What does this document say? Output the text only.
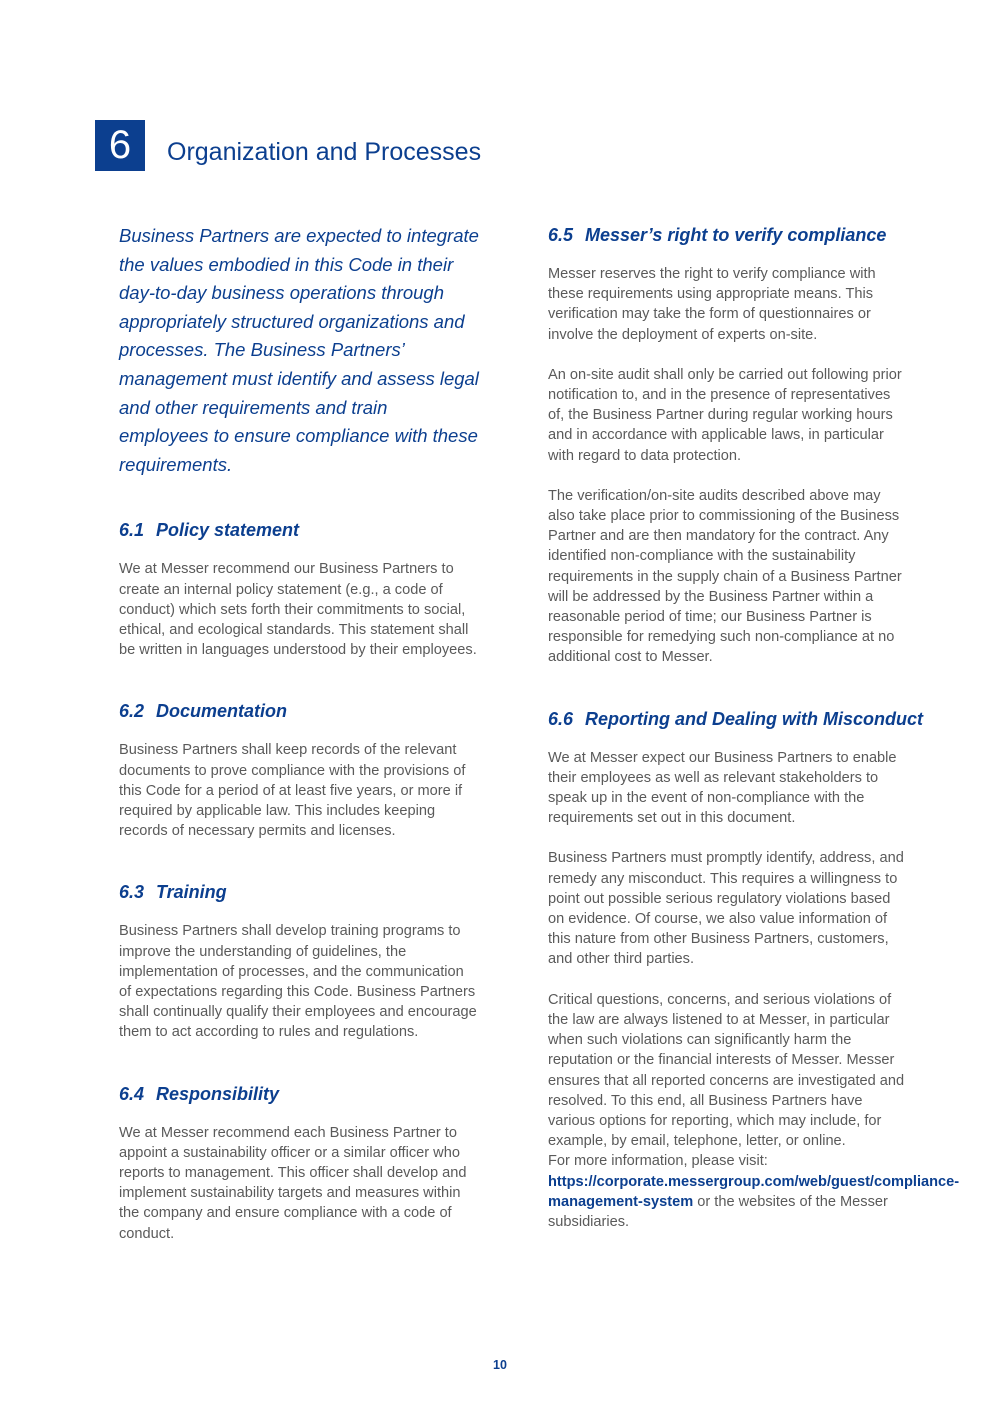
6	Organization and Processes

Business Partners are expected to integrate the values embodied in this Code in their day-to-day business operations through appropriately structured organizations and processes. The Business Partners’ management must identify and assess legal and other requirements and train employees to ensure compliance with these requirements.

6.1 Policy statement

We at Messer recommend our Business Partners to create an internal policy statement (e.g., a code of conduct) which sets forth their commitments to social, ethical, and ecological standards. This statement shall be written in languages understood by their employees.

6.2 Documentation

Business Partners shall keep records of the relevant documents to prove compliance with the provisions of this Code for a period of at least five years, or more if required by applicable law. This includes keeping records of necessary permits and licenses.

6.3 Training

Business Partners shall develop training programs to improve the understanding of guidelines, the implementation of processes, and the communication of expectations regarding this Code. Business Partners shall continually qualify their employees and encourage them to act according to rules and regulations.

6.4 Responsibility

We at Messer recommend each Business Partner to appoint a sustainability officer or a similar officer who reports to management. This officer shall develop and implement sustainability targets and measures within the company and ensure compliance with a code of conduct.

6.5 Messer’s right to verify compliance

Messer reserves the right to verify compliance with these requirements using appropriate means. This verification may take the form of questionnaires or involve the deployment of experts on-site.

An on-site audit shall only be carried out following prior notification to, and in the presence of representatives of, the Business Partner during regular working hours and in accordance with applicable laws, in particular with regard to data protection.

The verification/on-site audits described above may also take place prior to commissioning of the Business Partner and are then mandatory for the contract. Any identified non-compliance with the sustainability requirements in the supply chain of a Business Partner will be addressed by the Business Partner within a reasonable period of time; our Business Partner is responsible for remedying such non-compliance at no additional cost to Messer.

6.6 Reporting and Dealing with Misconduct

We at Messer expect our Business Partners to enable their employees as well as relevant stakeholders to speak up in the event of non-compliance with the requirements set out in this document.

Business Partners must promptly identify, address, and remedy any misconduct. This requires a willingness to point out possible serious regulatory violations based on evidence. Of course, we also value information of this nature from other Business Partners, customers, and other third parties.

Critical questions, concerns, and serious violations of the law are always listened to at Messer, in particular when such violations can significantly harm the reputation or the financial interests of Messer. Messer ensures that all reported concerns are investigated and resolved. To this end, all Business Partners have various options for reporting, which may include, for example, by email, telephone, letter, or online.

For more information, please visit:
https://corporate.messergroup.com/web/guest/compliance-management-system or the websites of the Messer subsidiaries.

10
